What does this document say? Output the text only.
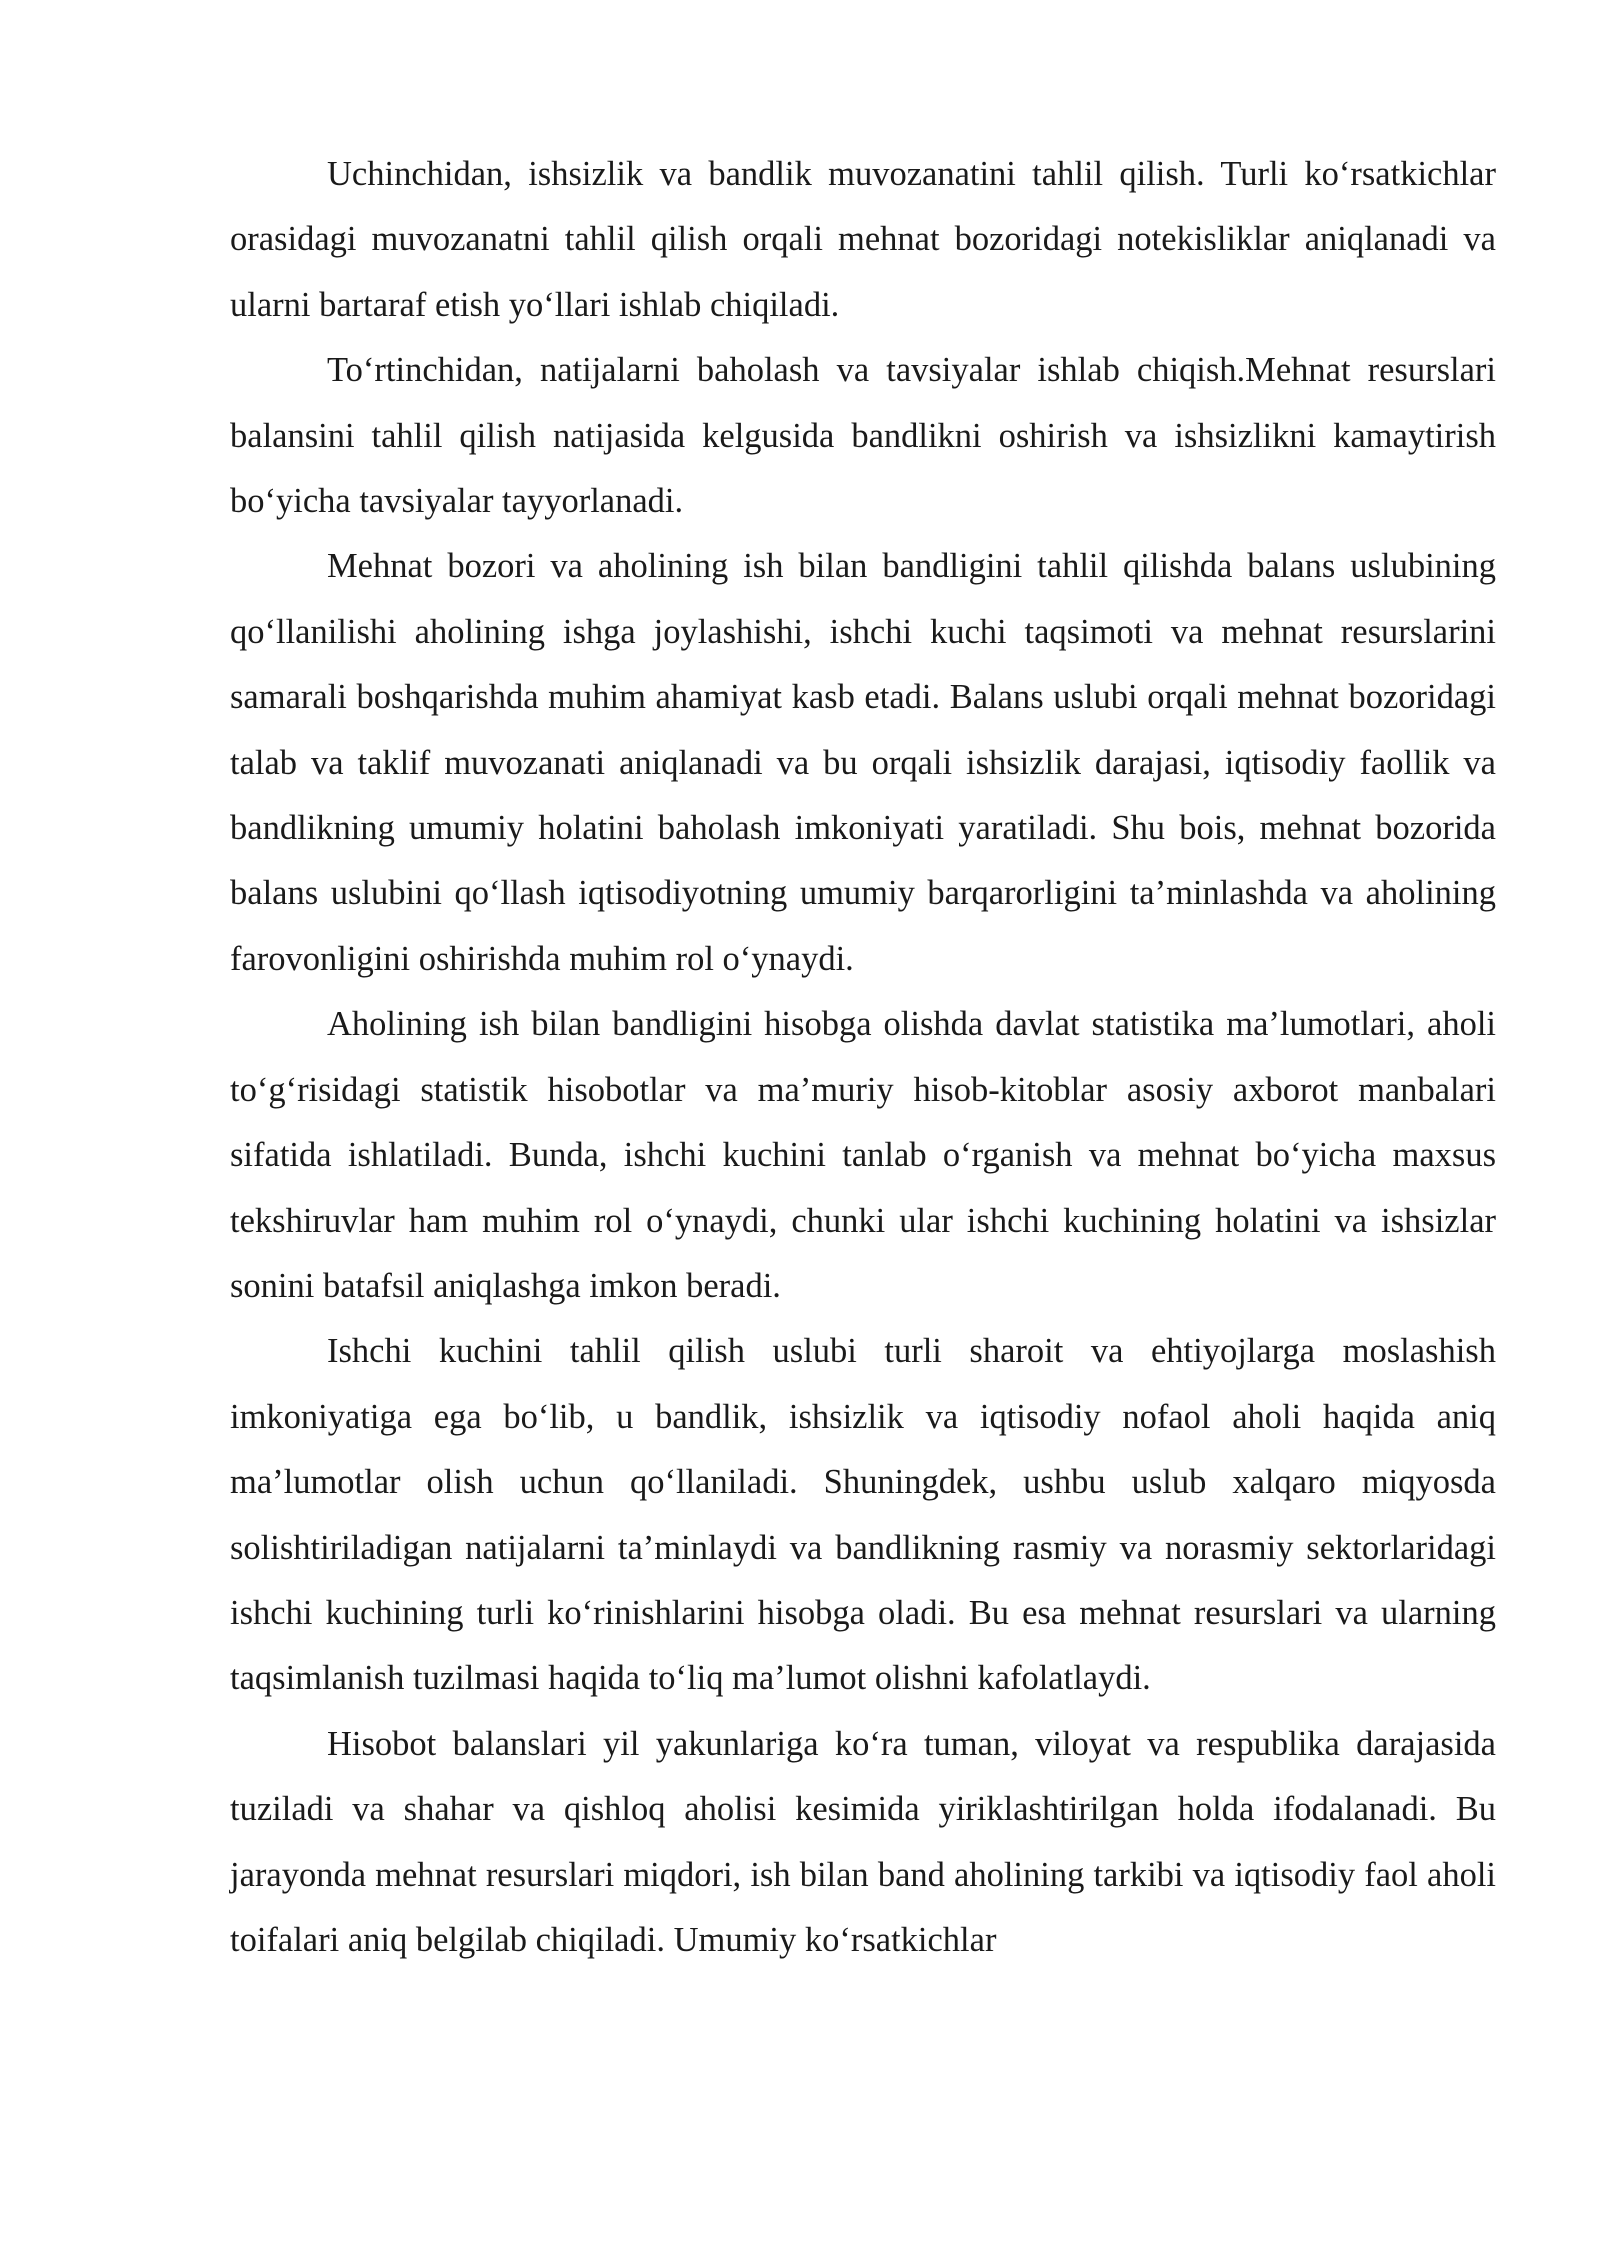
Uchinchidan, ishsizlik va bandlik muvozanatini tahlil qilish. Turli ko‘rsatkichlar orasidagi muvozanatni tahlil qilish orqali mehnat bozoridagi notekisliklar aniqlanadi va ularni bartaraf etish yo‘llari ishlab chiqiladi.

To‘rtinchidan, natijalarni baholash va tavsiyalar ishlab chiqish.Mehnat resurslari balansini tahlil qilish natijasida kelgusida bandlikni oshirish va ishsizlikni kamaytirish bo‘yicha tavsiyalar tayyorlanadi.

Mehnat bozori va aholining ish bilan bandligini tahlil qilishda balans uslubining qo‘llanilishi aholining ishga joylashishi, ishchi kuchi taqsimoti va mehnat resurslarini samarali boshqarishda muhim ahamiyat kasb etadi. Balans uslubi orqali mehnat bozoridagi talab va taklif muvozanati aniqlanadi va bu orqali ishsizlik darajasi, iqtisodiy faollik va bandlikning umumiy holatini baholash imkoniyati yaratiladi. Shu bois, mehnat bozorida balans uslubini qo‘llash iqtisodiyotning umumiy barqarorligini ta’minlashda va aholining farovonligini oshirishda muhim rol o‘ynaydi.

Aholining ish bilan bandligini hisobga olishda davlat statistika ma’lumotlari, aholi to‘g‘risidagi statistik hisobotlar va ma’muriy hisob-kitoblar asosiy axborot manbalari sifatida ishlatiladi. Bunda, ishchi kuchini tanlab o‘rganish va mehnat bo‘yicha maxsus tekshiruvlar ham muhim rol o‘ynaydi, chunki ular ishchi kuchining holatini va ishsizlar sonini batafsil aniqlashga imkon beradi.

Ishchi kuchini tahlil qilish uslubi turli sharoit va ehtiyojlarga moslashish imkoniyatiga ega bo‘lib, u bandlik, ishsizlik va iqtisodiy nofaol aholi haqida aniq ma’lumotlar olish uchun qo‘llaniladi. Shuningdek, ushbu uslub xalqaro miqyosda solishtiriladigan natijalarni ta’minlaydi va bandlikning rasmiy va norasmiy sektorlaridagi ishchi kuchining turli ko‘rinishlarini hisobga oladi. Bu esa mehnat resurslari va ularning taqsimlanish tuzilmasi haqida to‘liq ma’lumot olishni kafolatlaydi.

Hisobot balanslari yil yakunlariga ko‘ra tuman, viloyat va respublika darajasida tuziladi va shahar va qishloq aholisi kesimida yiriklashtirilgan holda ifodalanadi. Bu jarayonda mehnat resurslari miqdori, ish bilan band aholining tarkibi va iqtisodiy faol aholi toifalari aniq belgilab chiqiladi. Umumiy ko‘rsatkichlar
